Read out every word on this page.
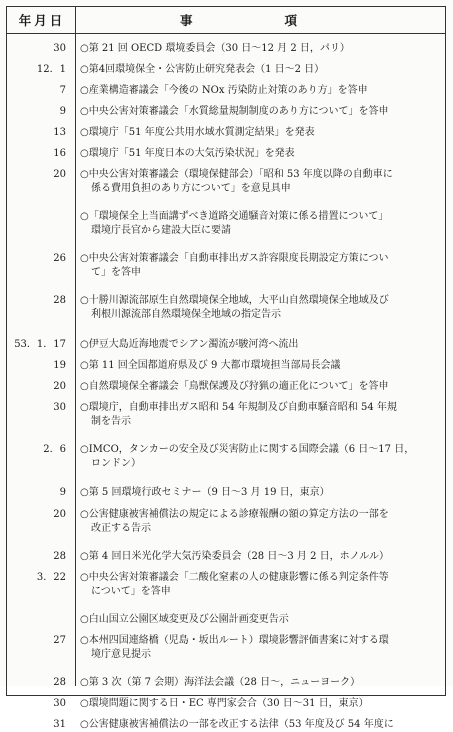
年月日	事	項
30 ○第 21 回 OECD 環境委員会（30 日～12 月 2 日，パリ）
12．1 ○第4回環境保全・公害防止研究発表会（1 日～2 日）
7 ○産業構造審議会「今後の NOx 汚染防止対策のあり方」を答申
9 ○中央公害対策審議会「水質総量規制制度のあり方について」を答申
13 ○環境庁「51 年度公共用水域水質測定結果」を発表
16 ○環境庁「51 年度日本の大気汚染状況」を発表
20 ○中央公害対策審議会（環境保健部会）「昭和 53 年度以降の自動車に
係る費用負担のあり方について」を意見具申
○「環境保全上当面講ずべき道路交通騒音対策に係る措置について」
環境庁長官から建設大臣に要請
26 ○中央公害対策審議会「自動車排出ガス許容限度長期設定方策につい
て」を答申
28 ○十勝川源流部原生自然環境保全地域，大平山自然環境保全地域及び
利根川源流部自然環境保全地域の指定告示
53．1．17 ○伊豆大島近海地震でシアン濁流が駿河湾へ流出
19 ○第 11 回全国都道府県及び 9 大都市環境担当部局長会議
20 ○自然環境保全審議会「鳥獣保護及び狩猟の適正化について」を答申
30 ○環境庁，自動車排出ガス昭和 54 年規制及び自動車騒音昭和 54 年規
制を告示
2．6 ○IMCO，タンカーの安全及び災害防止に関する国際会議（6 日～17 日，
ロンドン）
9 ○第 5 回環境行政セミナー（9 日～3 月 19 日，東京）
20 ○公害健康被害補償法の規定による診療報酬の額の算定方法の一部を
改正する告示
28 ○第 4 回日米光化学大気汚染委員会（28 日～3 月 2 日，ホノルル）
3．22 ○中央公害対策審議会「二酸化窒素の人の健康影響に係る判定条件等
について」を答申
○白山国立公園区域変更及び公園計画変更告示
27 ○本州四国連絡橋（児島・坂出ルート）環境影響評価書案に対する環
境庁意見提示
28 ○第 3 次（第 7 会期）海洋法会議（28 日～，ニューヨーク）
30 ○環境問題に関する日・EC 専門家会合（30 日～31 日，東京）
31 ○公害健康被害補償法の一部を改正する法律（53 年度及び 54 年度に
